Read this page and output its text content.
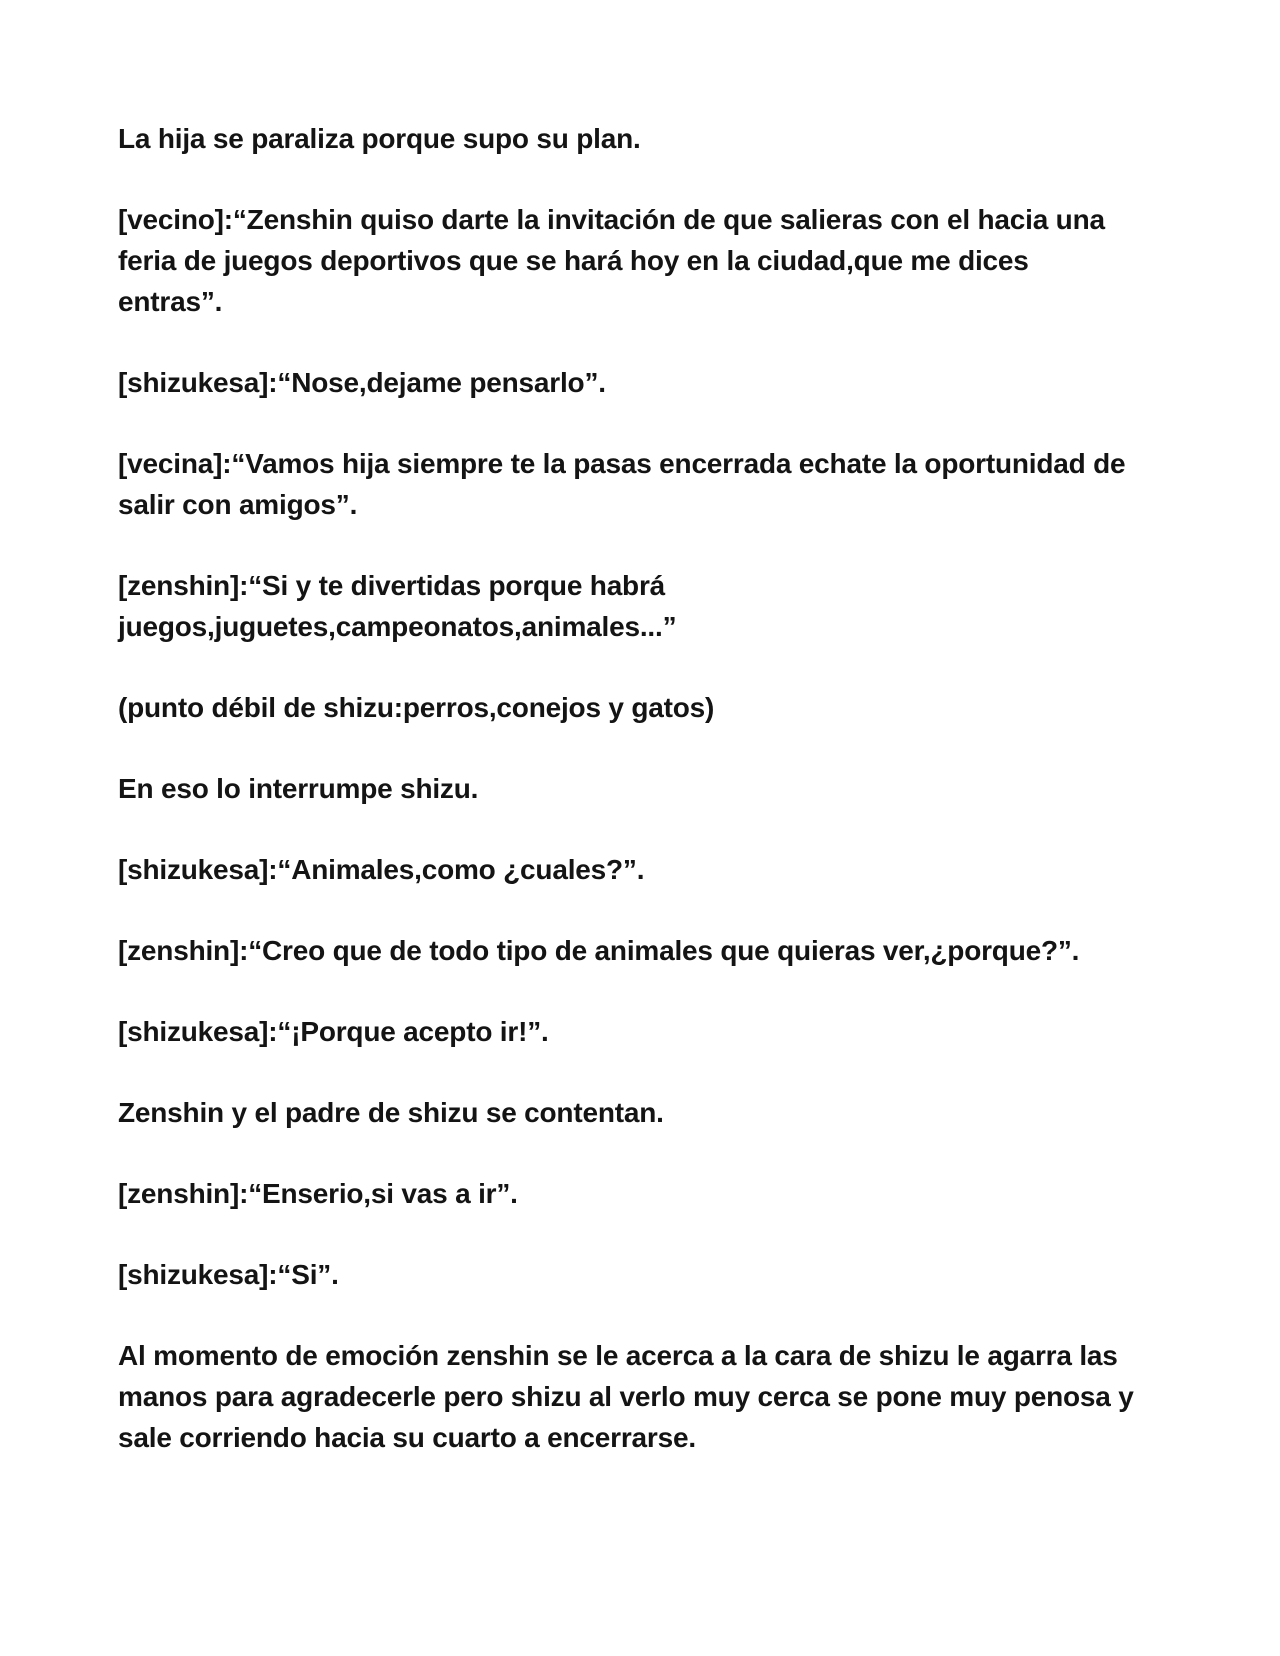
La hija se paraliza porque supo su plan.

[vecino]:“Zenshin quiso darte la invitación de que salieras con el hacia una feria de juegos deportivos que se hará hoy en la ciudad,que me dices entras”.

[shizukesa]:“Nose,dejame pensarlo”.

[vecina]:“Vamos hija siempre te la pasas encerrada echate la oportunidad de salir con amigos”.

[zenshin]:“Si y te divertidas porque habrá juegos,juguetes,campeonatos,animales...”

(punto débil de shizu:perros,conejos y gatos)

En eso lo interrumpe shizu.

[shizukesa]:“Animales,como ¿cuales?”.

[zenshin]:“Creo que de todo tipo de animales que quieras ver,¿porque?”.

[shizukesa]:“¡Porque acepto ir!”.

Zenshin y el padre de shizu se contentan.

[zenshin]:“Enserio,si vas a ir”.

[shizukesa]:“Si”.

Al momento de emoción zenshin se le acerca a la cara de shizu le agarra las manos para agradecerle pero shizu al verlo muy cerca se pone muy penosa y sale corriendo hacia su cuarto a encerrarse.
